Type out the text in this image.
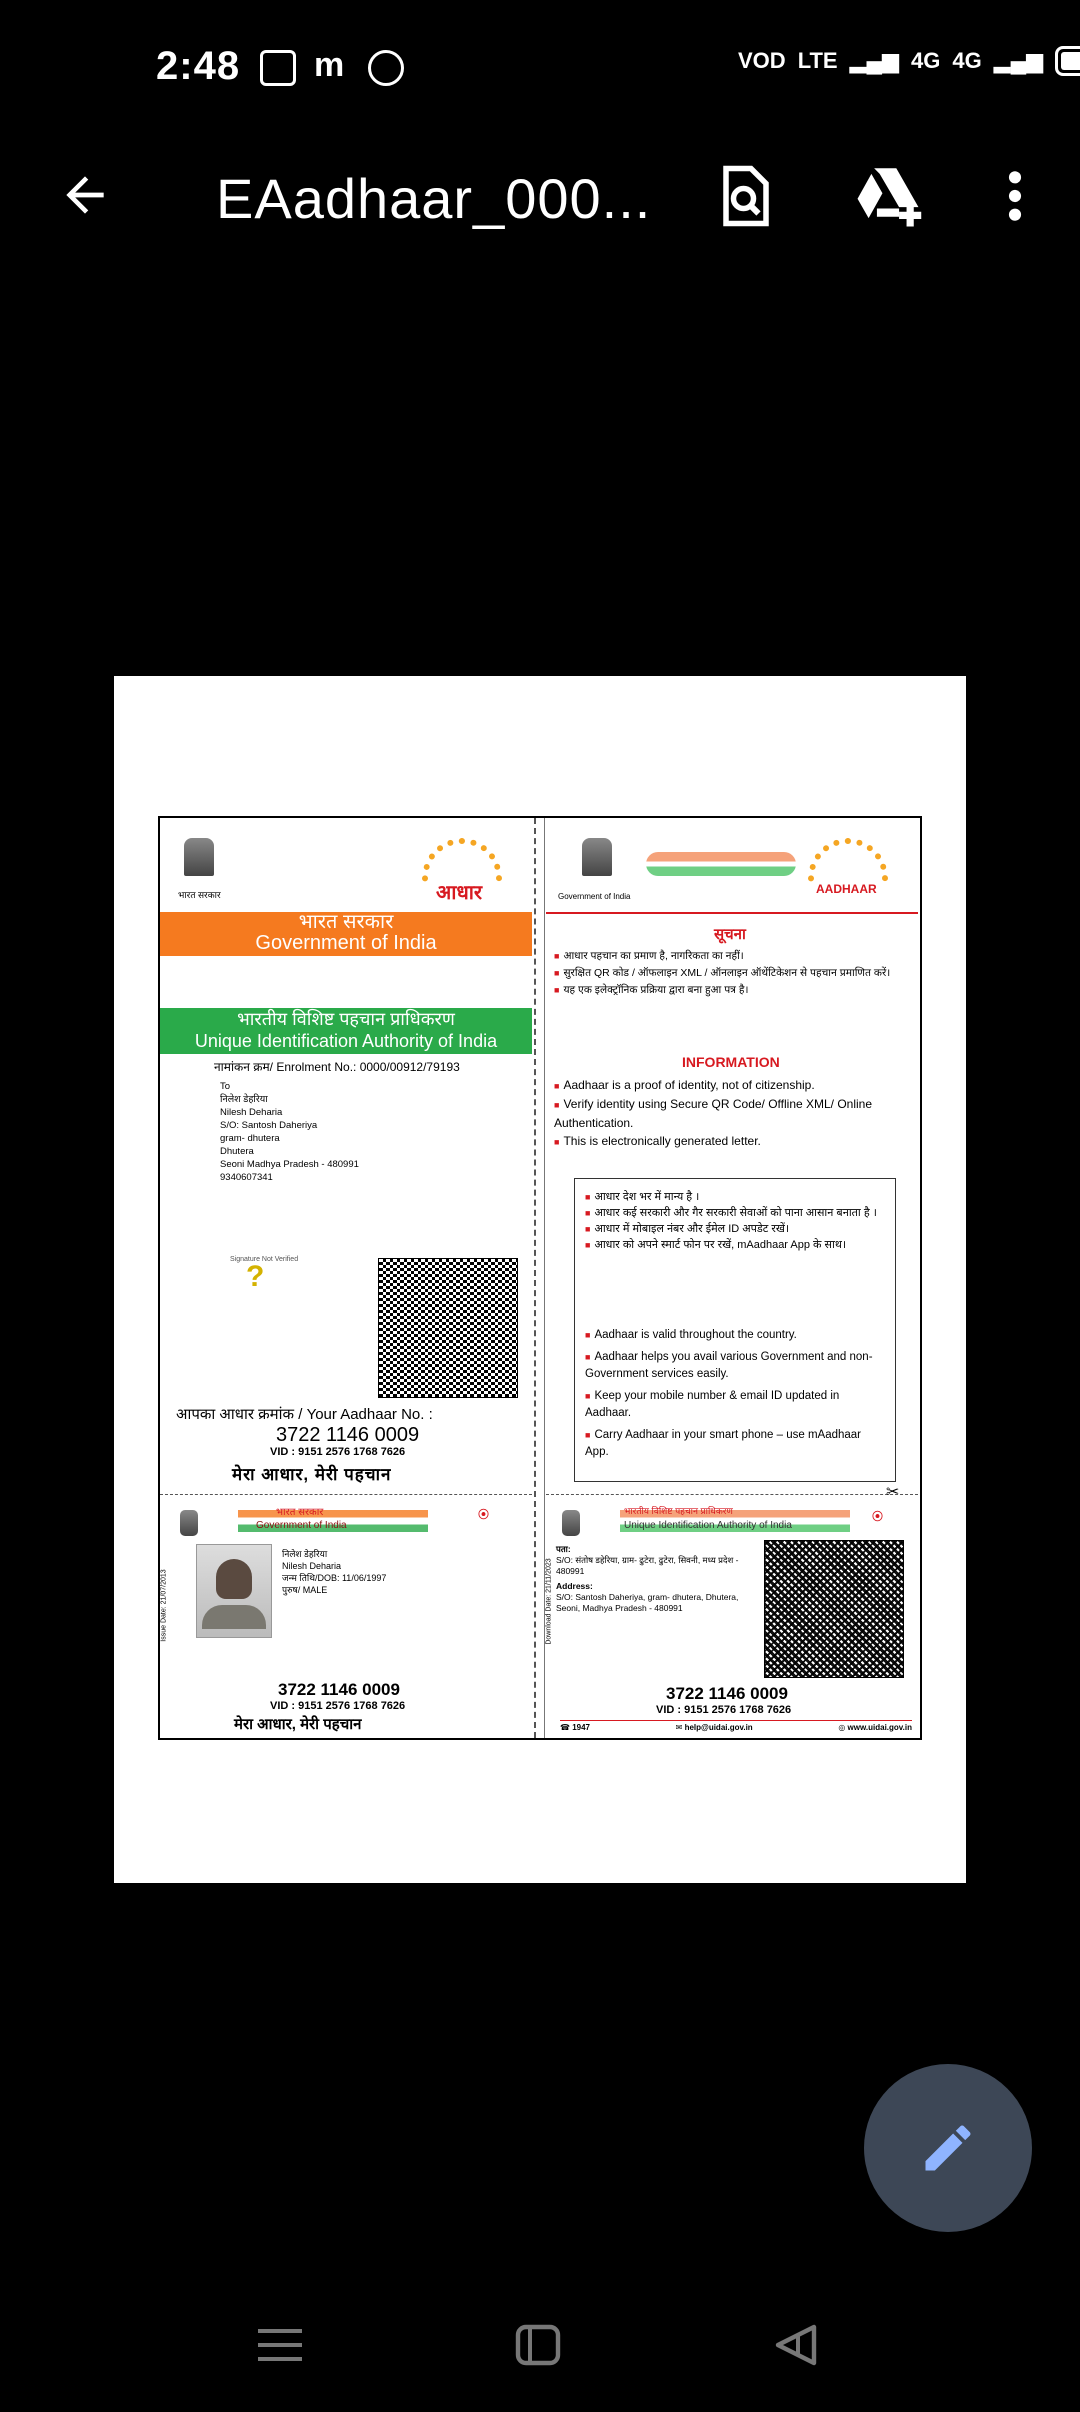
2:48 m	VOD LTE ▂▄▆ 4G 4G ▂▄▆
EAadhaar_000...
भारत सरकार	आधार
भारत सरकार
Government of India
भारतीय विशिष्ट पहचान प्राधिकरण
Unique Identification Authority of India
नामांकन क्रम/ Enrolment No.: 0000/00912/79193
To
निलेश डेहरिया
Nilesh Deharia
S/O: Santosh Daheriya
gram- dhutera
Dhutera
Seoni Madhya Pradesh - 480991
9340607341
Signature Not Verified
?
आपका आधार क्रमांक / Your Aadhaar No. :
3722 1146 0009
VID : 9151 2576 1768 7626
मेरा आधार, मेरी पहचान
भारत सरकार
Government of India
⦿
Issue Date: 21/07/2013
निलेश डेहरिया
Nilesh Deharia
जन्म तिथि/DOB: 11/06/1997
पुरुष/ MALE
3722 1146 0009
VID : 9151 2576 1768 7626
मेरा आधार, मेरी पहचान
Government of India
AADHAAR
सूचना
■ आधार पहचान का प्रमाण है, नागरिकता का नहीं।
■ सुरक्षित QR कोड / ऑफलाइन XML / ऑनलाइन ऑथेंटिकेशन से पहचान प्रमाणित करें।
■ यह एक इलेक्ट्रॉनिक प्रक्रिया द्वारा बना हुआ पत्र है।
INFORMATION
■ Aadhaar is a proof of identity, not of citizenship.
■ Verify identity using Secure QR Code/ Offline XML/ Online Authentication.
■ This is electronically generated letter.
■ आधार देश भर में मान्य है ।
■ आधार कई सरकारी और गैर सरकारी सेवाओं को पाना आसान बनाता है ।
■ आधार में मोबाइल नंबर और ईमेल ID अपडेट रखें।
■ आधार को अपने स्मार्ट फोन पर रखें, mAadhaar App के साथ।
■ Aadhaar is valid throughout the country.
■ Aadhaar helps you avail various Government and non-Government services easily.
■ Keep your mobile number & email ID updated in Aadhaar.
■ Carry Aadhaar in your smart phone – use mAadhaar App.
✂
भारतीय विशिष्ट पहचान प्राधिकरण
Unique Identification Authority of India
⦿
Download Date: 21/11/2023
पता:
S/O: संतोष डहेरिया, ग्राम- ढुटेरा, ढुटेरा, सिवनी, मध्य प्रदेश - 480991
Address:
S/O: Santosh Daheriya, gram- dhutera, Dhutera, Seoni, Madhya Pradesh - 480991
3722 1146 0009
VID : 9151 2576 1768 7626
☎ 1947	✉ help@uidai.gov.in	◎ www.uidai.gov.in
